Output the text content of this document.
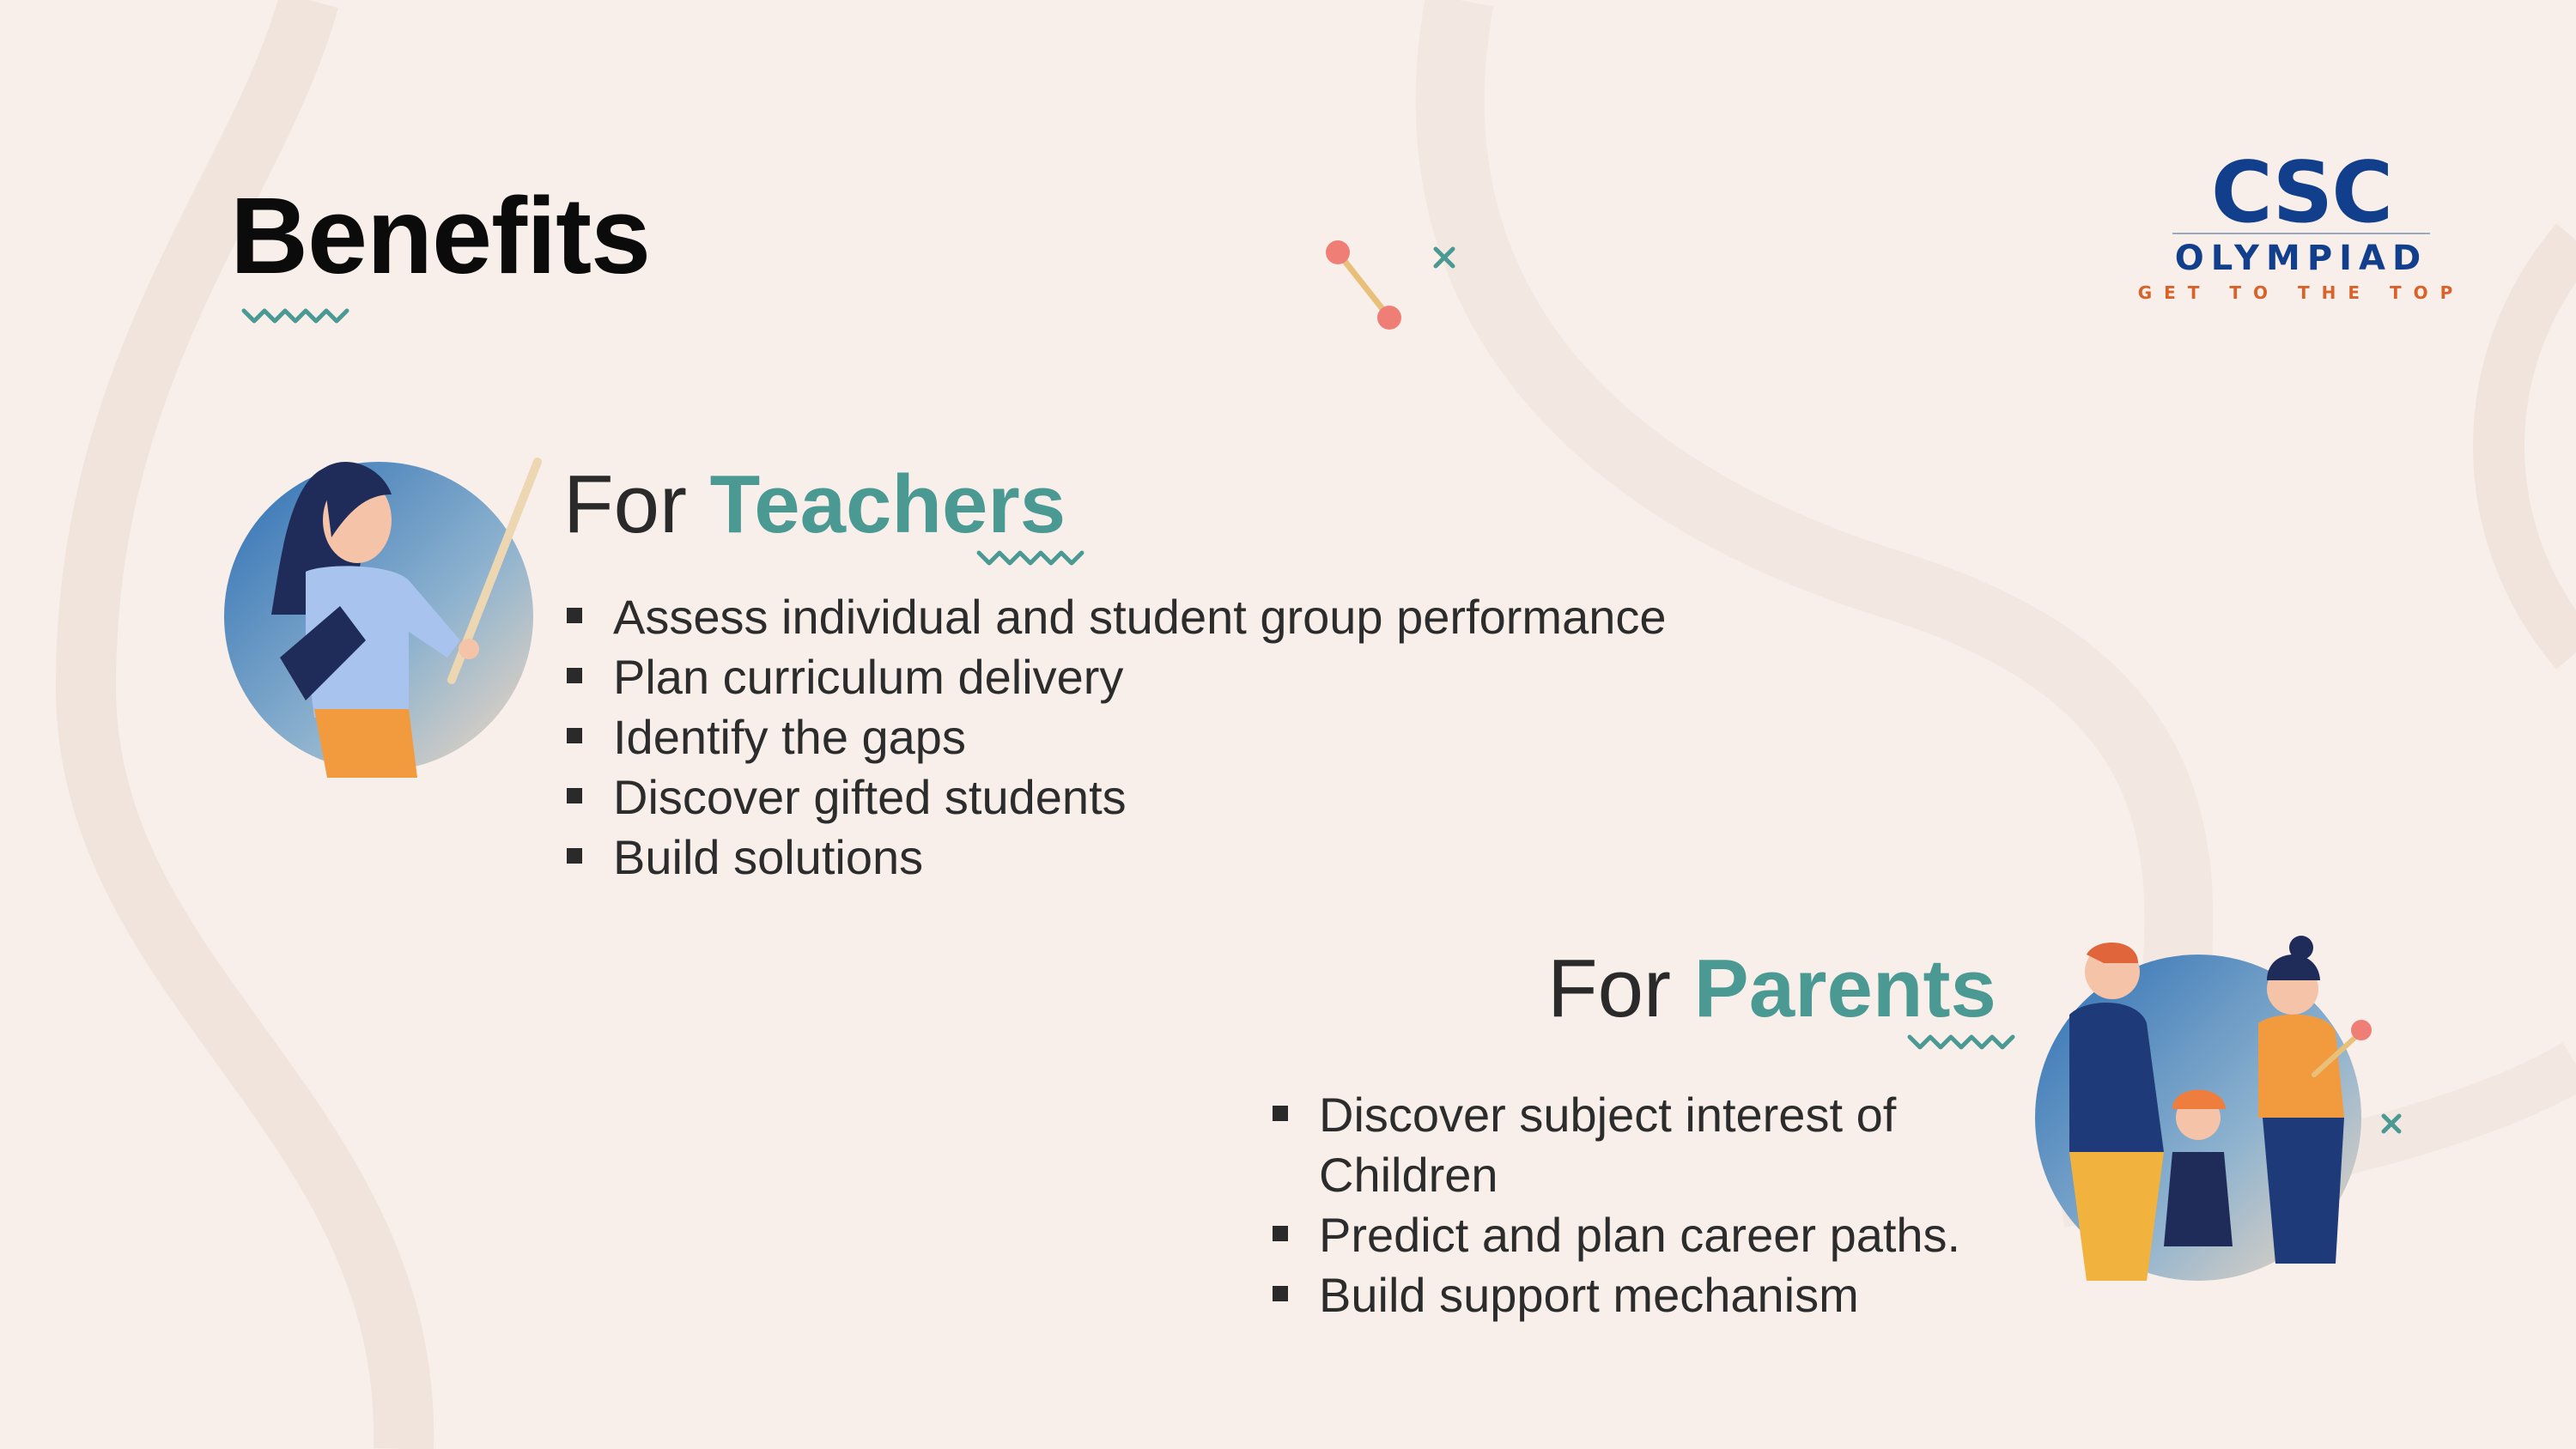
Benefits	CSC
OLYMPIAD
GET TO THE TOP
For Teachers
Assess individual and student group performance
Plan curriculum delivery
Identify the gaps
Discover gifted students
Build solutions
For Parents
Discover subject interest of
Children
Predict and plan career paths.
Build support mechanism
